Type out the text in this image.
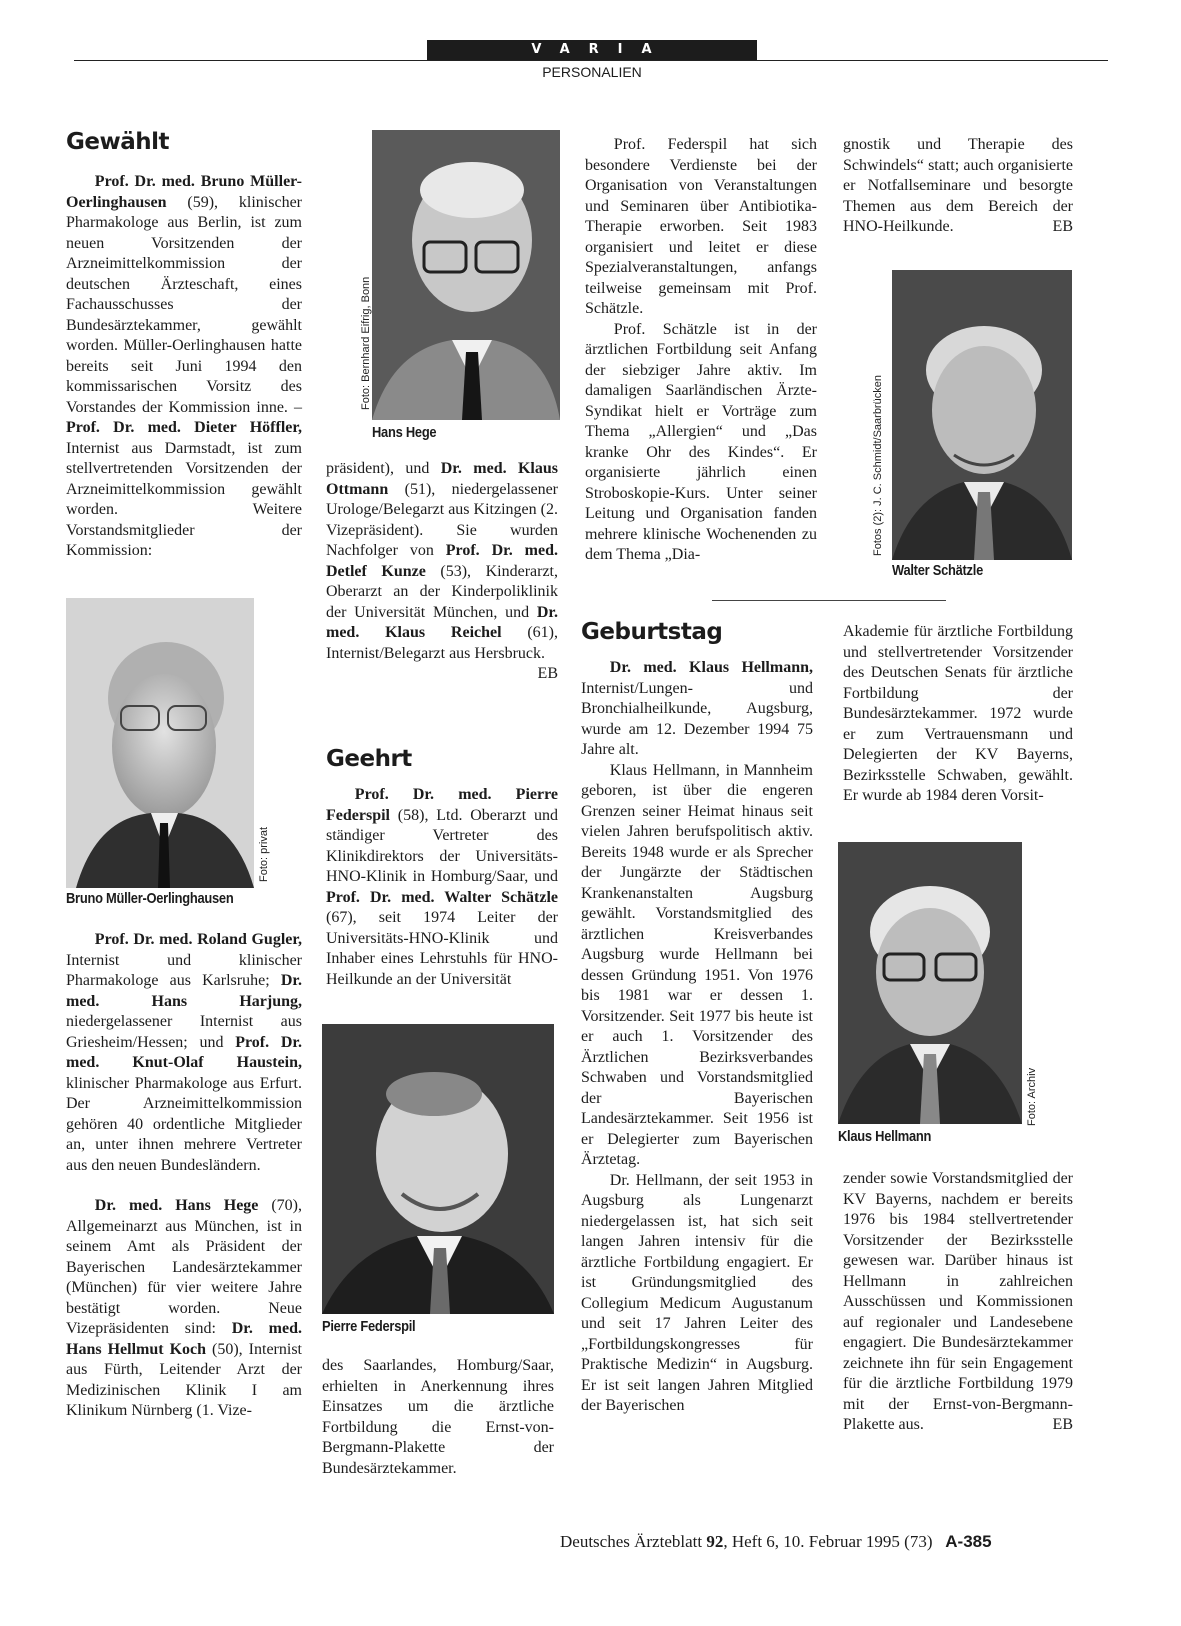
VARIA
PERSONALIEN
Gewählt

Prof. Dr. med. Bruno Müller-Oerlinghausen (59), klinischer Pharmakologe aus Berlin, ist zum neuen Vorsitzenden der Arzneimittelkommission der deutschen Ärzteschaft, eines Fachausschusses der Bundesärztekammer, gewählt worden. Müller-Oerlinghausen hatte bereits seit Juni 1994 den kommissarischen Vorsitz des Vorstandes der Kommission inne. – Prof. Dr. med. Dieter Höffler, Internist aus Darmstadt, ist zum stellvertretenden Vorsitzenden der Arzneimittelkommission gewählt worden. Weitere Vorstandsmitglieder der Kommission:

Foto: privat
Bruno Müller-Oerlinghausen

Prof. Dr. med. Roland Gugler, Internist und klinischer Pharmakologe aus Karlsruhe; Dr. med. Hans Harjung, niedergelassener Internist aus Griesheim/Hessen; und Prof. Dr. med. Knut-Olaf Haustein, klinischer Pharmakologe aus Erfurt. Der Arzneimittelkommission gehören 40 ordentliche Mitglieder an, unter ihnen mehrere Vertreter aus den neuen Bundesländern.

Dr. med. Hans Hege (70), Allgemeinarzt aus München, ist in seinem Amt als Präsident der Bayerischen Landesärztekammer (München) für vier weitere Jahre bestätigt worden. Neue Vizepräsidenten sind: Dr. med. Hans Hellmut Koch (50), Internist aus Fürth, Leitender Arzt der Medizinischen Klinik I am Klinikum Nürnberg (1. Vize-

Foto: Bernhard Eifrig, Bonn
Hans Hege

präsident), und Dr. med. Klaus Ottmann (51), niedergelassener Urologe/Belegarzt aus Kitzingen (2. Vizepräsident). Sie wurden Nachfolger von Prof. Dr. med. Detlef Kunze (53), Kinderarzt, Oberarzt an der Kinderpoliklinik der Universität München, und Dr. med. Klaus Reichel (61), Internist/Belegarzt aus Hersbruck.
EB

Geehrt

Prof. Dr. med. Pierre Federspil (58), Ltd. Oberarzt und ständiger Vertreter des Klinikdirektors der Universitäts-HNO-Klinik in Homburg/Saar, und Prof. Dr. med. Walter Schätzle (67), seit 1974 Leiter der Universitäts-HNO-Klinik und Inhaber eines Lehrstuhls für HNO-Heilkunde an der Universität

Pierre Federspil

des Saarlandes, Homburg/Saar, erhielten in Anerkennung ihres Einsatzes um die ärztliche Fortbildung die Ernst-von-Bergmann-Plakette der Bundesärztekammer.

Prof. Federspil hat sich besondere Verdienste bei der Organisation von Veranstaltungen und Seminaren über Antibiotika-Therapie erworben. Seit 1983 organisiert und leitet er diese Spezialveranstaltungen, anfangs teilweise gemeinsam mit Prof. Schätzle.

Prof. Schätzle ist in der ärztlichen Fortbildung seit Anfang der siebziger Jahre aktiv. Im damaligen Saarländischen Ärzte-Syndikat hielt er Vorträge zum Thema „Allergien“ und „Das kranke Ohr des Kindes“. Er organisierte jährlich einen Stroboskopie-Kurs. Unter seiner Leitung und Organisation fanden mehrere klinische Wochenenden zu dem Thema „Dia-

gnostik und Therapie des Schwindels“ statt; auch organisierte er Notfallseminare und besorgte Themen aus dem Bereich der HNO-Heilkunde.	EB

Fotos (2): J. C. Schmidt/Saarbrücken
Walter Schätzle
Geburtstag

Dr. med. Klaus Hellmann, Internist/Lungen- und Bronchialheilkunde, Augsburg, wurde am 12. Dezember 1994 75 Jahre alt.

Klaus Hellmann, in Mannheim geboren, ist über die engeren Grenzen seiner Heimat hinaus seit vielen Jahren berufspolitisch aktiv. Bereits 1948 wurde er als Sprecher der Jungärzte der Städtischen Krankenanstalten Augsburg gewählt. Vorstandsmitglied des ärztlichen Kreisverbandes Augsburg wurde Hellmann bei dessen Gründung 1951. Von 1976 bis 1981 war er dessen 1. Vorsitzender. Seit 1977 bis heute ist er auch 1. Vorsitzender des Ärztlichen Bezirksverbandes Schwaben und Vorstandsmitglied der Bayerischen Landesärztekammer. Seit 1956 ist er Delegierter zum Bayerischen Ärztetag.

Dr. Hellmann, der seit 1953 in Augsburg als Lungenarzt niedergelassen ist, hat sich seit langen Jahren intensiv für die ärztliche Fortbildung engagiert. Er ist Gründungsmitglied des Collegium Medicum Augustanum und seit 17 Jahren Leiter des „Fortbildungskongresses für Praktische Medizin“ in Augsburg. Er ist seit langen Jahren Mitglied der Bayerischen

Akademie für ärztliche Fortbildung und stellvertretender Vorsitzender des Deutschen Senats für ärztliche Fortbildung der Bundesärztekammer. 1972 wurde er zum Vertrauensmann und Delegierten der KV Bayerns, Bezirksstelle Schwaben, gewählt. Er wurde ab 1984 deren Vorsit-

Foto: Archiv
Klaus Hellmann

zender sowie Vorstandsmitglied der KV Bayerns, nachdem er bereits 1976 bis 1984 stellvertretender Vorsitzender der Bezirksstelle gewesen war. Darüber hinaus ist Hellmann in zahlreichen Ausschüssen und Kommissionen auf regionaler und Landesebene engagiert. Die Bundesärztekammer zeichnete ihn für sein Engagement für die ärztliche Fortbildung 1979 mit der Ernst-von-Bergmann-Plakette aus.	EB

Deutsches Ärzteblatt 92, Heft 6, 10. Februar 1995 (73) A-385
